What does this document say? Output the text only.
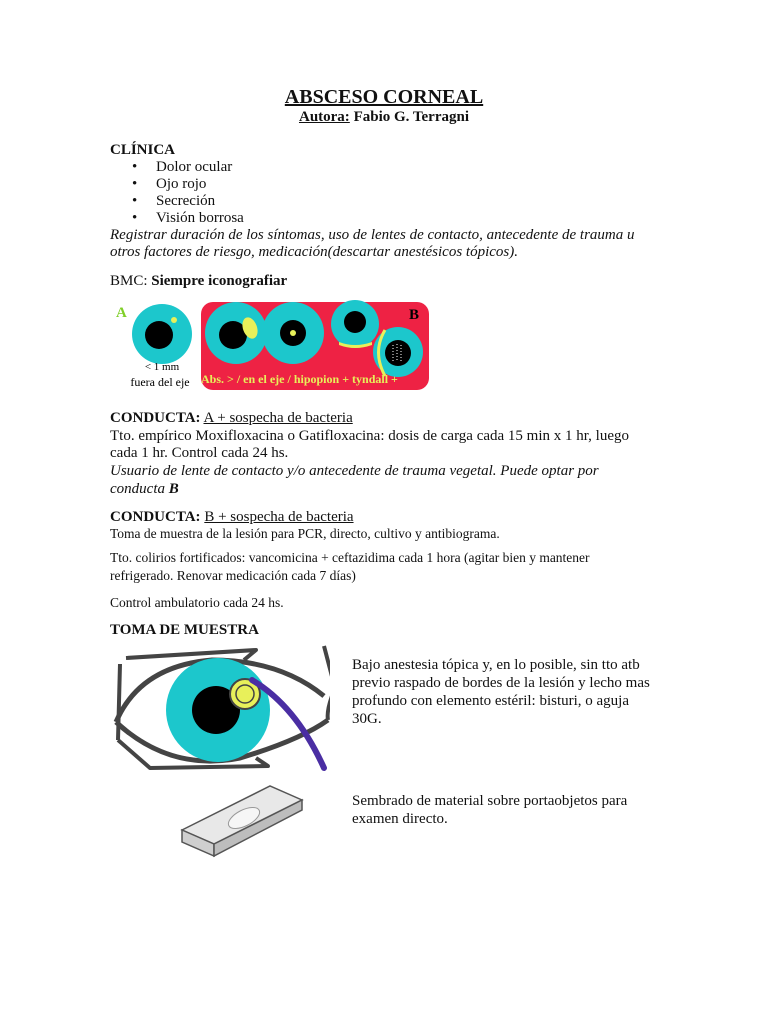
ABSCESO CORNEAL
Autora: Fabio G. Terragni
CLÍNICA
• Dolor ocular
• Ojo rojo
• Secreción
• Visión borrosa
Registrar duración de los síntomas, uso de lentes de contacto, antecedente de trauma u otros factores de riesgo, medicación(descartar anestésicos tópicos).
BMC: Siempre iconografiar
A
< 1 mm
fuera del eje
B
Abs. > / en el eje / hipopion + tyndall +
CONDUCTA: A + sospecha de bacteria
Tto. empírico Moxifloxacina o Gatifloxacina: dosis de carga cada 15 min x 1 hr, luego
cada 1 hr. Control cada 24 hs.
Usuario de lente de contacto y/o antecedente de trauma vegetal. Puede optar por
conducta B
CONDUCTA: B + sospecha de bacteria
Toma de muestra de la lesión para PCR, directo, cultivo y antibiograma.
Tto. colirios fortificados: vancomicina + ceftazidima cada 1 hora (agitar bien y mantener
refrigerado. Renovar medicación cada 7 días)
Control ambulatorio cada 24 hs.
TOMA DE MUESTRA
Bajo anestesia tópica y, en lo posible, sin tto atb previo raspado de bordes de la lesión y lecho mas profundo con elemento estéril: bisturi, o aguja 30G.
Sembrado de material sobre portaobjetos para examen directo.
